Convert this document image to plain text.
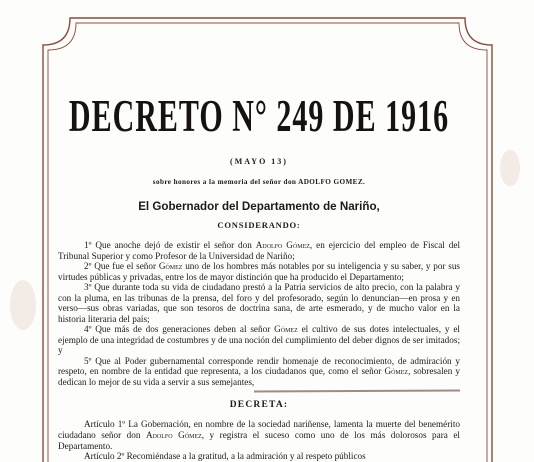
DECRETO N° 249 DE 1916
(MAYO 13)
sobre honores a la memoria del señor don ADOLFO GOMEZ.
El Gobernador del Departamento de Nariño,
CONSIDERANDO:

1º Que anoche dejó de existir el señor don Adolfo Gómez, en ejercicio del empleo de Fiscal del Tribunal Superior y como Profesor de la Universidad de Nariño;

2º Que fue el señor Gómez uno de los hombres más notables por su inteligencia y su saber, y por sus virtudes públicas y privadas, entre los de mayor distinción que ha producido el Departamento;

3º Que durante toda su vida de ciudadano prestó a la Patria servicios de alto precio, con la palabra y con la pluma, en las tribunas de la prensa, del foro y del profesorado, según lo denuncian—en prosa y en verso—sus obras variadas, que son tesoros de doctrina sana, de arte esmerado, y de mucho valor en la historia literaria del país;

4º Que más de dos generaciones deben al señor Gómez el cultivo de sus dotes intelectuales, y el ejemplo de una integridad de costumbres y de una noción del cumplimiento del deber dignos de ser imitados; y

5º Que al Poder gubernamental corresponde rendir homenaje de reconocimiento, de admiración y respeto, en nombre de la entidad que representa, a los ciudadanos que, como el señor Gómez, sobresalen y dedican lo mejor de su vida a servir a sus semejantes,

DECRETA:

Artículo 1º La Gobernación, en nombre de la sociedad nariñense, lamenta la muerte del benemérito ciudadano señor don Adolfo Gómez, y registra el suceso como uno de los más dolorosos para el Departamento.

Artículo 2º Recomiéndase a la gratitud, a la admiración y al respeto públicos
